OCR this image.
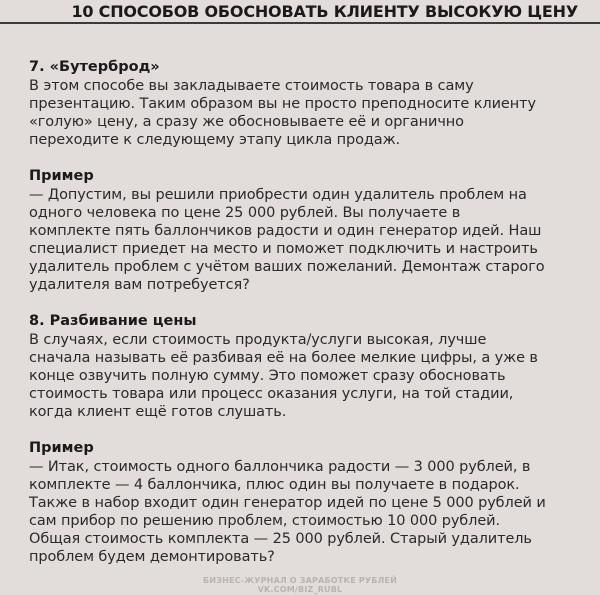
10 СПОСОБОВ ОБОСНОВАТЬ КЛИЕНТУ ВЫСОКУЮ ЦЕНУ

7. «Бутерброд»

В этом способе вы закладываете стоимость товара в саму
презентацию. Таким образом вы не просто преподносите клиенту
«голую» цену, а сразу же обосновываете её и органично
переходите к следующему этапу цикла продаж.

Пример

— Допустим, вы решили приобрести один удалитель проблем на
одного человека по цене 25 000 рублей. Вы получаете в
комплекте пять баллончиков радости и один генератор идей. Наш
специалист приедет на место и поможет подключить и настроить
удалитель проблем с учётом ваших пожеланий. Демонтаж старого
удалителя вам потребуется?

8. Разбивание цены

В случаях, если стоимость продукта/услуги высокая, лучше
сначала называть её разбивая её на более мелкие цифры, а уже в
конце озвучить полную сумму. Это поможет сразу обосновать
стоимость товара или процесс оказания услуги, на той стадии,
когда клиент ещё готов слушать.

Пример

— Итак, стоимость одного баллончика радости — 3 000 рублей, в
комплекте — 4 баллончика, плюс один вы получаете в подарок.
Также в набор входит один генератор идей по цене 5 000 рублей и
сам прибор по решению проблем, стоимостью 10 000 рублей.
Общая стоимость комплекта — 25 000 рублей. Старый удалитель
проблем будем демонтировать?

БИЗНЕС-ЖУРНАЛ О ЗАРАБОТКЕ РУБЛЕЙ
VK.COM/BIZ_RUBL
